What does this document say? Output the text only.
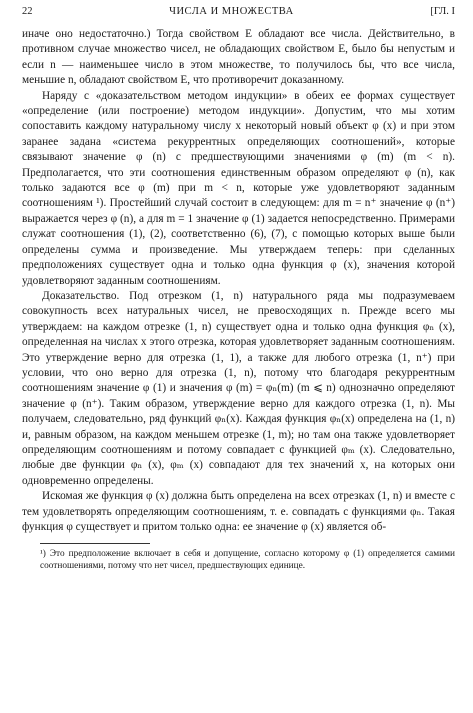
22	ЧИСЛА И МНОЖЕСТВА	[ГЛ. I

иначе оно недостаточно.) Тогда свойством E обладают все числа. Действительно, в противном случае множество чисел, не обладающих свойством E, было бы непустым и если n — наименьшее число в этом множестве, то получилось бы, что все числа, меньшие n, обладают свойством E, что противоречит доказанному.

Наряду с «доказательством методом индукции» в обеих ее формах существует «определение (или построение) методом индукции». Допустим, что мы хотим сопоставить каждому натуральному числу x некоторый новый объект φ (x) и при этом заранее задана «система рекуррентных определяющих соотношений», которые связывают значение φ (n) с предшествующими значениями φ (m) (m < n). Предполагается, что эти соотношения единственным образом определяют φ (n), как только задаются все φ (m) при m < n, которые уже удовлетворяют заданным соотношениям ¹). Простейший случай состоит в следующем: для m = n⁺ значение φ (n⁺) выражается через φ (n), а для m = 1 значение φ (1) задается непосредственно. Примерами служат соотношения (1), (2), соответственно (6), (7), с помощью которых выше были определены сумма и произведение. Мы утверждаем теперь: при сделанных предположениях существует одна и только одна функция φ (x), значения которой удовлетворяют заданным соотношениям.

Доказательство. Под отрезком (1, n) натурального ряда мы подразумеваем совокупность всех натуральных чисел, не превосходящих n. Прежде всего мы утверждаем: на каждом отрезке (1, n) существует одна и только одна функция φₙ (x), определенная на числах x этого отрезка, которая удовлетворяет заданным соотношениям. Это утверждение верно для отрезка (1, 1), а также для любого отрезка (1, n⁺) при условии, что оно верно для отрезка (1, n), потому что благодаря рекуррентным соотношениям значение φ (1) и значения φ (m) = φₙ(m) (m ⩽ n) однозначно определяют значение φ (n⁺). Таким образом, утверждение верно для каждого отрезка (1, n). Мы получаем, следовательно, ряд функций φₙ(x). Каждая функция φₙ(x) определена на (1, n) и, равным образом, на каждом меньшем отрезке (1, m); но там она также удовлетворяет определяющим соотношениям и потому совпадает с функцией φₘ (x). Следовательно, любые две функции φₙ (x), φₘ (x) совпадают для тех значений x, на которых они одновременно определены.

Искомая же функция φ (x) должна быть определена на всех отрезках (1, n) и вместе с тем удовлетворять определяющим соотношениям, т. е. совпадать с функциями φₙ. Такая функция φ существует и притом только одна: ее значение φ (x) является об-

¹) Это предположение включает в себя и допущение, согласно которому φ (1) определяется самими соотношениями, потому что нет чисел, предшествующих единице.
